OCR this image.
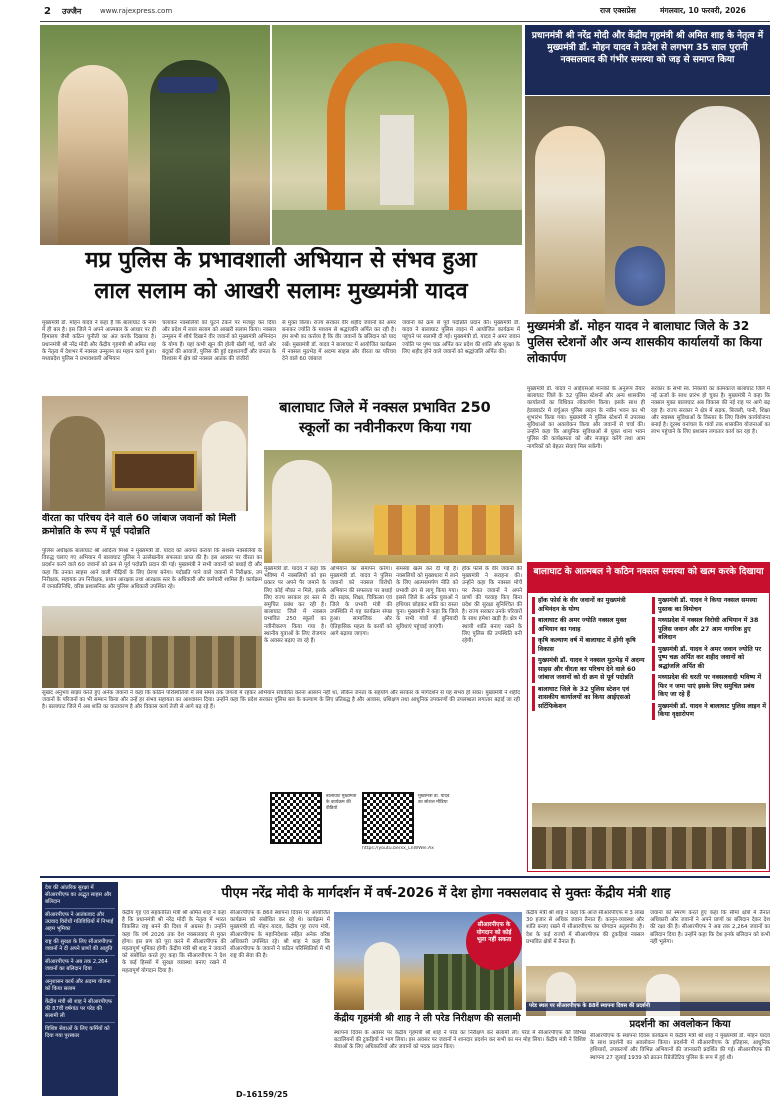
2 उज्जैन	www.rajexpress.com	राज एक्सप्रेस	मंगलवार, 10 फरवरी, 2026
प्रधानमंत्री श्री नरेंद्र मोदी और केंद्रीय गृहमंत्री श्री अमित शाह के नेतृत्व में मुख्यमंत्री डॉ. मोहन यादव ने प्रदेश से लगभग 35 साल पुरानी नक्सलवाद की गंभीर समस्या को जड़ से समाप्त किया
मप्र पुलिस के प्रभावशाली अभियान से संभव हुआ
लाल सलाम को आखरी सलामः मुख्यमंत्री यादव
मुख्यमंत्री डॉ. मोहन यादव ने कहा है कि बालाघाट के नाम में ही बल है। इस जिले ने अपने आत्मबल के आधार पर ही हिमालय जैसी कठिन चुनौती का अंत करके दिखाया है। प्रधानमंत्री श्री नरेंद्र मोदी और केंद्रीय गृहमंत्री श्री अमित शाह के नेतृत्व में देशभर में नक्सल उन्मूलन का महान कार्य हुआ। मध्यप्रदेश पुलिस ने प्रभावशाली अभियान
चलाकर नक्सलियों को घुटने टेकने पर मजबूर कर दिया और प्रदेश में लाल सलाम को आखरी सलाम किया। नक्सल उन्मूलन में शौर्य दिखाने वीर जवानों को मुख्यमंत्री अभिनंदन के योग्य हैं। यहां कभी खून की होली खेली गई, चारों ओर बंदूकों की आवाजें, पुलिस की हुई दहशतगर्दी और जनता के विश्वास में क्षेत्र को नक्सल आतंक की जंजीरों
से मुक्त किया। राज्य सरकार वीर शहीद जवानों को अमर बनाकर ज्योति के माध्यम से श्रद्धांजलि अर्पित कर रही है। हम सभी का कर्त्तव्य है कि वीर जवानों के बलिदान को याद रखें। मुख्यमंत्री डॉ. यादव ने बालाघाट में आयोजित कार्यक्रम में नक्सल मुठभेड़ में अदम्य साहस और वीरता का परिचय देने वाले 60 जांबाज
जवानों को क्रम से पूर्व पदोन्नति प्रदान की। मुख्यमंत्री डॉ. यादव ने बालाघाट पुलिस लाइन में आयोजित कार्यक्रम में पहुंचने पर सलामी दी गई। मुख्यमंत्री डॉ. यादव ने अमर जवान ज्योति पर पुष्प चक्र अर्पित कर प्रदेश की शांति और सुरक्षा के लिए शहीद होने वाले जवानों को श्रद्धांजलि अर्पित की।
मुख्यमंत्री डॉ. मोहन यादव ने बालाघाट जिले के 32 पुलिस स्टेशनों और अन्य शासकीय कार्यालयों का किया लोकार्पण
मुख्यमंत्री डॉ. यादव ने आईएसओ मानकों के अनुरूप तैयार बालाघाट जिले के 32 पुलिस स्टेशनों और अन्य शासकीय कार्यालयों का विधिवत लोकार्पण किया। इसके साथ ही हेडक्वार्टर में वर्चुअल पुलिस लाइन के नवीन भवन का भी शुभारंभ किया गया। मुख्यमंत्री ने पुलिस स्टेशनों में उपलब्ध सुविधाओं का अवलोकन किया और जवानों से चर्चा की। उन्होंने कहा कि आधुनिक सुविधाओं से युक्त थाना भवन पुलिस की कार्यक्षमता को और मजबूत करेंगे तथा आम नागरिकों को बेहतर सेवाएं मिल सकेंगी।
सरकार के सभी स्व. निकायों का कामकाज बालाघाट जिले में नई ऊर्जा के साथ प्रारंभ हो चुका है। मुख्यमंत्री ने कहा कि नक्सल मुक्त बालाघाट अब विकास की नई राह पर आगे बढ़ रहा है। राज्य सरकार ने क्षेत्र में सड़क, बिजली, पानी, शिक्षा और स्वास्थ्य सुविधाओं के विस्तार के लिए विशेष कार्ययोजना बनाई है। दूरस्थ वनांचल के गांवों तक शासकीय योजनाओं का लाभ पहुंचाने के लिए प्रशासन लगातार कार्य कर रहा है।
वीरता का परिचय देने वाले 60 जांबाज जवानों को मिली क्रमोन्नति के रूप में पूर्व पदोन्नति
पुलिस अधीक्षक बालाघाट श्री आदित्य मिश्रा ने मुख्यमंत्री डॉ. यादव को अवगत कराया कि सशस्त्र नक्सलियों के विरुद्ध चलाए गए अभियान में बालाघाट पुलिस ने उल्लेखनीय सफलता प्राप्त की है। इस अवसर पर वीरता का प्रदर्शन करने वाले 60 जवानों को क्रम से पूर्व पदोन्नति प्रदान की गई। मुख्यमंत्री ने सभी जवानों को बधाई दी और कहा कि उनका साहस आने वाली पीढ़ियों के लिए प्रेरणा बनेगा। पदोन्नति पाने वाले जवानों में निरीक्षक, उप निरीक्षक, सहायक उप निरीक्षक, प्रधान आरक्षक तथा आरक्षक स्तर के अधिकारी और कर्मचारी शामिल हैं। कार्यक्रम में जनप्रतिनिधि, वरिष्ठ प्रशासनिक और पुलिस अधिकारी उपस्थित रहे।
बालाघाट जिले में नक्सल प्रभावित 250
स्कूलों का नवीनीकरण किया गया
सुखद अनुभव साझा करते हुए अनेक जवानों ने कहा कि कठिन परिस्थितियों में लंबे समय तक जंगलों में रहकर अभियान संचालित करना आसान नहीं था, लेकिन जनता के सहयोग और सरकार के मार्गदर्शन से यह संभव हो सका। मुख्यमंत्री ने शहीद जवानों के परिजनों का भी सम्मान किया और उन्हें हर संभव सहायता का आश्वासन दिया। उन्होंने कहा कि प्रदेश सरकार पुलिस बल के कल्याण के लिए प्रतिबद्ध है और आवास, प्रशिक्षण तथा आधुनिक उपकरणों की उपलब्धता लगातार बढ़ाई जा रही है। बालाघाट जिले में अब शांति का वातावरण है और विकास कार्य तेजी से आगे बढ़ रहे हैं।
मुख्यमंत्री डॉ. यादव ने कहा कि भविष्य में नक्सलियों को इस प्रकार पर अपने पैर जमाने के लिए कोई मौका न मिले, इसके लिए राज्य सरकार हर स्तर से समुचित प्रबंध कर रही है। बालाघाट जिले में नक्सल प्रभावित 250 स्कूलों का नवीनीकरण किया गया है। स्थानीय युवाओं के लिए रोजगार के अवसर बढ़ाए जा रहे हैं।
अभियान का समापन करेगा। मुख्यमंत्री डॉ. यादव ने पुलिस जवानों को नक्सल विरोधी अभियान की सफलता पर बधाई दी। सड़क, शिक्षा, चिकित्सा एवं जिले के प्रभारी मंत्री की उपस्थिति में यह कार्यक्रम संपन्न हुआ। सामाजिक और ऐतिहासिक महत्व के कार्यों को आगे बढ़ाया जाएगा।
समस्या खत्म कर दी गई है। नक्सलियों को मुख्यधारा में लाने के लिए आत्मसमर्पण नीति को प्रभावी ढंग से लागू किया गया। इससे जिले के अनेक युवाओं ने हथियार छोड़कर शांति का रास्ता चुना। मुख्यमंत्री ने कहा कि जिले के सभी गांवों में बुनियादी सुविधाएं पहुंचाई जाएंगी।
हॉक फोर्स के वीर जवानों की मुख्यमंत्री ने सराहना की। उन्होंने कहा कि नक्सल मोर्चे पर तैनात जवानों ने अपने प्राणों की परवाह किए बिना प्रदेश की सुरक्षा सुनिश्चित की है। राज्य सरकार उनके परिवारों के साथ हमेशा खड़ी है। क्षेत्र में स्थायी शांति बनाए रखने के लिए पुलिस की उपस्थिति बनी रहेगी।
बालाघाट मुख्यमंत्री के कार्यक्रम की वीडियो
मुख्यमंत्री डॉ. यादव का सोशल मीडिया
https://youtu.be/xx_LnWWel.Ax
बालाघाट के आत्मबल ने कठिन नक्सल समस्या को खत्म करके दिखाया
हॉक फोर्स के वीर जवानों का मुख्यमंत्री अभिनंदन के योग्य
बालाघाट की अमर ज्योति नक्सल मुक्त अभियान का गवाह
कृषि कल्याण वर्ष में बालाघाट में होंगी कृषि विकास
मुख्यमंत्री डॉ. यादव ने नक्सल मुठभेड़ में अदम्य साहस और वीरता का परिचय देने वाले 60 जांबाज जवानों को दी क्रम से पूर्व पदोन्नति
बालाघाट जिले के 32 पुलिस स्टेशन एवं शासकीय कार्यालयों का किया आईएसओ सर्टिफिकेशन
मुख्यमंत्री डॉ. यादव ने किया नक्सल समस्या पुस्तक का विमोचन
मध्यप्रदेश में नक्सल विरोधी अभियान में 38 पुलिस जवान और 27 आम नागरिक हुए बलिदान
मुख्यमंत्री डॉ. यादव ने अमर जवान ज्योति पर पुष्प चक्र अर्पित कर शहीद जवानों को श्रद्धांजलि अर्पित की
मध्यप्रदेश की धरती पर नक्सलवादी भविष्य में फिर न जमा पाएं इसके लिए समुचित प्रबंध किए जा रहे हैं
मुख्यमंत्री डॉ. यादव ने बालाघाट पुलिस लाइन में किया वृक्षारोपण
देश की आंतरिक सुरक्षा में सीआरपीएफ का अद्भुत साहस और बलिदान
सीआरपीएफ ने आतंकवाद और उग्रवाद विरोधी गतिविधियों में निभाई अहम भूमिका
राष्ट्र की सुरक्षा के लिए सीआरपीएफ जवानों ने दी अपने प्राणों की आहुति
सीआरपीएफ ने अब तक 2,264 जवानों का बलिदान दिया
अनुशासन कार्य और अदम्य योजना को किया सलाम
केंद्रीय मंत्री श्री शाह ने सीआरपीएफ की 87वीं वर्षगांठ पर परेड की सलामी ली
विशिष्ट सेवाओं के लिए कर्मियों को दिया गया पुरस्कार
पीएम नरेंद्र मोदी के मार्गदर्शन में वर्ष-2026 में देश होगा नक्सलवाद से मुक्तः केंद्रीय मंत्री शाह
केंद्रीय गृह एवं सहकारिता मंत्री श्री अमित शाह ने कहा है कि प्रधानमंत्री श्री नरेंद्र मोदी के नेतृत्व में भारत विकसित राष्ट्र बनने की दिशा में अग्रसर है। उन्होंने कहा कि वर्ष 2026 तक देश नक्सलवाद से मुक्त होगा। इस प्रण को पूरा करने में सीआरपीएफ की महत्वपूर्ण भूमिका होगी। केंद्रीय मंत्री श्री शाह ने जवानों को संबोधित करते हुए कहा कि सीआरपीएफ ने देश के कई हिस्सों में सुरक्षा व्यवस्था बनाए रखने में महत्वपूर्ण योगदान दिया है।
सीआरपीएफ के 86वें स्थापना दिवस पर आयोजित कार्यक्रम को संबोधित कर रहे थे। कार्यक्रम में मुख्यमंत्री डॉ. मोहन यादव, केंद्रीय गृह राज्य मंत्री, सीआरपीएफ के महानिदेशक सहित अनेक वरिष्ठ अधिकारी उपस्थित रहे। श्री शाह ने कहा कि सीआरपीएफ के जवानों ने कठिन परिस्थितियों में भी राष्ट्र की सेवा की है।
सीआरपीएफ के योगदान को कोई भूला नहीं सकता
केंद्रीय गृहमंत्री श्री शाह ने ली परेड निरीक्षण की सलामी
स्थापना दिवस के अवसर पर केंद्रीय गृहमंत्री श्री शाह ने परेड का निरीक्षण कर सलामी ली। परेड में सीआरपीएफ की विभिन्न बटालियनों की टुकड़ियों ने भाग लिया। इस अवसर पर जवानों ने शानदार प्रदर्शन कर सभी का मन मोह लिया। केंद्रीय मंत्री ने विशिष्ट सेवाओं के लिए अधिकारियों और जवानों को पदक प्रदान किए।
केंद्रीय मंत्री श्री शाह ने कहा कि आज सीआरपीएफ में 3 लाख 30 हजार से अधिक जवान तैनात हैं। कानून-व्यवस्था और शांति बनाए रखने में सीआरपीएफ का योगदान अतुलनीय है। देश के कई राज्यों में सीआरपीएफ की टुकड़ियां नक्सल प्रभावित क्षेत्रों में तैनात हैं।
जवानों को स्मरण करते हुए कहा कि सीमा क्षेत्रों में तैनात अधिकारी और जवानों ने अपने प्राणों का बलिदान देकर देश की रक्षा की है। सीआरपीएफ ने अब तक 2,264 जवानों का बलिदान दिया है। उन्होंने कहा कि देश इनके बलिदान को कभी नहीं भूलेगा।
परेड स्थल पर सीआरपीएफ के 88वें स्थापना दिवस की प्रदर्शनी
प्रदर्शनी का अवलोकन किया
सीआरपीएफ के स्थापना दिवस कार्यक्रम में केंद्रीय मंत्री श्री शाह ने मुख्यमंत्री डॉ. मोहन यादव के साथ प्रदर्शनी का अवलोकन किया। प्रदर्शनी में सीआरपीएफ के इतिहास, आधुनिक हथियारों, उपकरणों और विभिन्न अभियानों की जानकारी प्रदर्शित की गई। सीआरपीएफ की स्थापना 27 जुलाई 1939 को क्राउन रिप्रेजेंटेटिव पुलिस के रूप में हुई थी।
D-16159/25
